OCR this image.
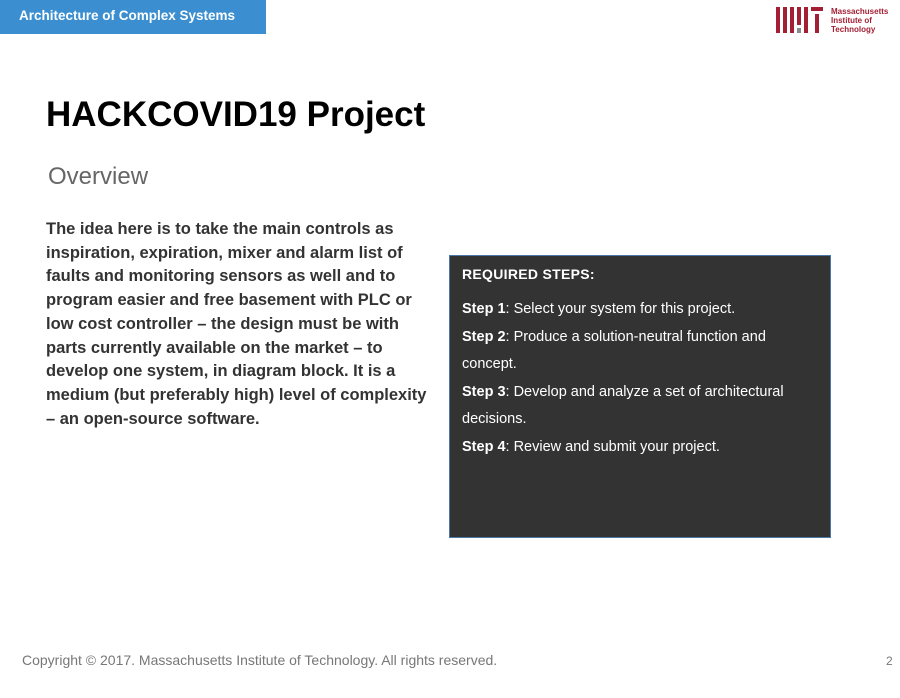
Architecture of Complex Systems	Massachusetts
Institute of
Technology
HACKCOVID19 Project
Overview

The idea here is to take the main controls as inspiration, expiration, mixer and alarm list of faults and monitoring sensors as well and to program easier and free basement with PLC or low cost controller – the design must be with parts currently available on the market – to develop one system, in diagram block. It is a medium (but preferably high) level of complexity – an open-source software.

REQUIRED STEPS:
Step 1: Select your system for this project.
Step 2: Produce a solution-neutral function and concept.
Step 3: Develop and analyze a set of architectural decisions.
Step 4: Review and submit your project.
Copyright © 2017. Massachusetts Institute of Technology. All rights reserved.	2
